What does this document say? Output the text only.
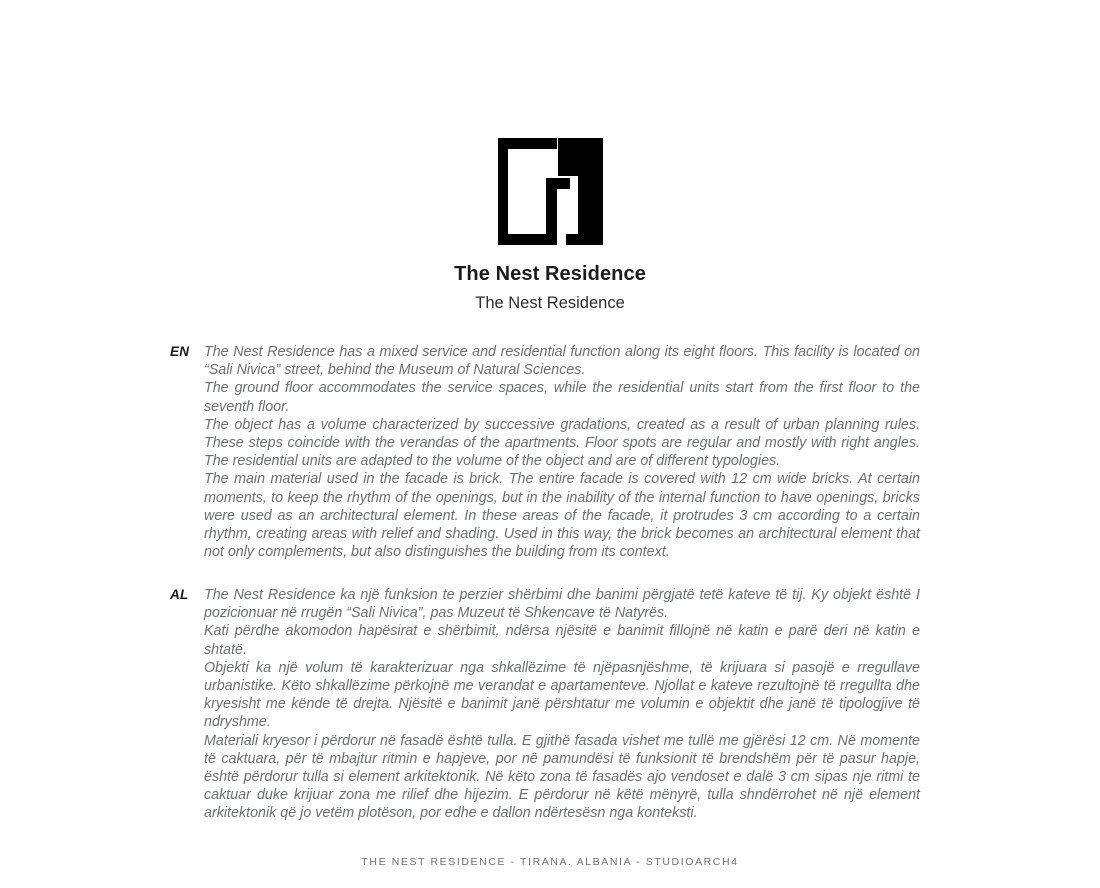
The Nest Residence
The Nest Residence
EN	The Nest Residence has a mixed service and residential function along its eight floors. This facility is located on “Sali Nivica” street, behind the Museum of Natural Sciences.

The ground floor accommodates the service spaces, while the residential units start from the first floor to the seventh floor.

The object has a volume characterized by successive gradations, created as a result of urban planning rules. These steps coincide with the verandas of the apartments. Floor spots are regular and mostly with right angles. The residential units are adapted to the volume of the object and are of different typologies.

The main material used in the facade is brick. The entire facade is covered with 12 cm wide bricks. At certain moments, to keep the rhythm of the openings, but in the inability of the internal function to have openings, bricks were used as an architectural element. In these areas of the facade, it protrudes 3 cm according to a certain rhythm, creating areas with relief and shading. Used in this way, the brick becomes an architectural element that not only complements, but also distinguishes the building from its context.

AL	The Nest Residence ka një funksion te perzier shërbimi dhe banimi përgjatë tetë kateve të tij. Ky objekt është I pozicionuar në rrugën “Sali Nivica”, pas Muzeut të Shkencave të Natyrës.

Kati përdhe akomodon hapësirat e shërbimit, ndërsa njësitë e banimit fillojnë në katin e parë deri në katin e shtatë.

Objekti ka një volum të karakterizuar nga shkallëzime të njëpasnjëshme, të krijuara si pasojë e rregullave urbanistike. Këto shkallëzime përkojnë me verandat e apartamenteve. Njollat e kateve rezultojnë të rregullta dhe kryesisht me kënde të drejta. Njësitë e banimit janë përshtatur me volumin e objektit dhe janë të tipologjive të ndryshme.

Materiali kryesor i përdorur në fasadë është tulla. E gjithë fasada vishet me tullë me gjërësi 12 cm. Në momente të caktuara, për të mbajtur ritmin e hapjeve, por në pamundësi të funksionit të brendshëm për të pasur hapje, është përdorur tulla si element arkitektonik. Në këto zona të fasadës ajo vendoset e dalë 3 cm sipas nje ritmi te caktuar duke krijuar zona me rilief dhe hijezim. E përdorur në këtë mënyrë, tulla shndërrohet në një element arkitektonik që jo vetëm plotëson, por edhe e dallon ndërtesësn nga konteksti.

THE NEST RESIDENCE - TIRANA. ALBANIA - STUDIOARCH4
